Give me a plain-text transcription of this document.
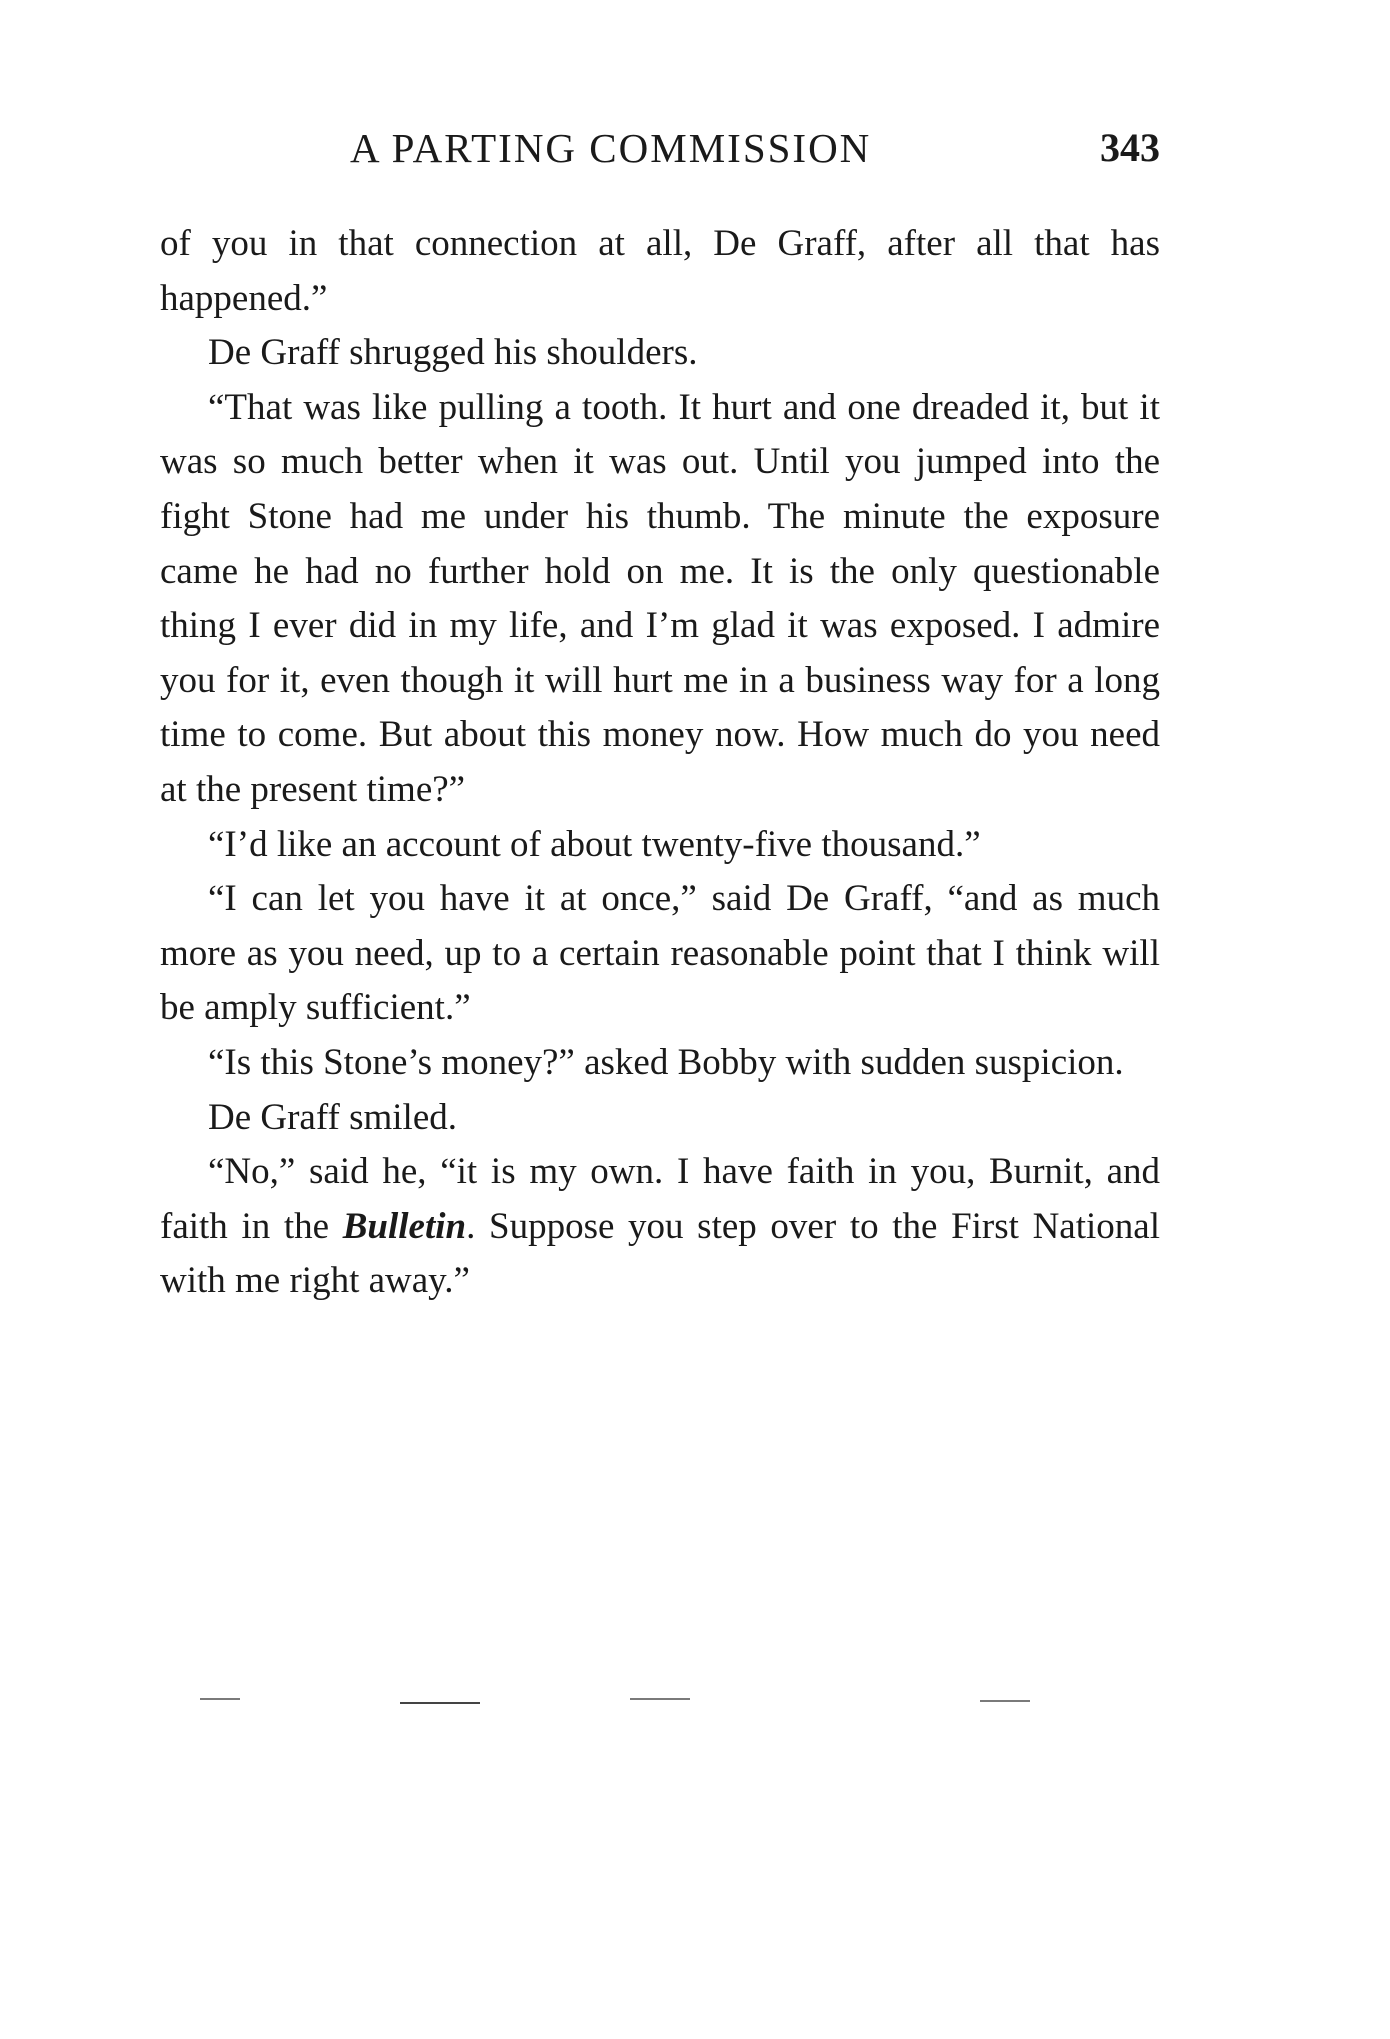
A PARTING COMMISSION	343

of you in that connection at all, De Graff, after all that has happened.”

De Graff shrugged his shoulders.

“That was like pulling a tooth. It hurt and one dreaded it, but it was so much better when it was out. Until you jumped into the fight Stone had me under his thumb. The minute the exposure came he had no further hold on me. It is the only questionable thing I ever did in my life, and I’m glad it was exposed. I admire you for it, even though it will hurt me in a business way for a long time to come. But about this money now. How much do you need at the present time?”

“I’d like an account of about twenty-five thousand.”

“I can let you have it at once,” said De Graff, “and as much more as you need, up to a certain reasonable point that I think will be amply sufficient.”

“Is this Stone’s money?” asked Bobby with sudden suspicion.

De Graff smiled.

“No,” said he, “it is my own. I have faith in you, Burnit, and faith in the Bulletin. Suppose you step over to the First National with me right away.”
